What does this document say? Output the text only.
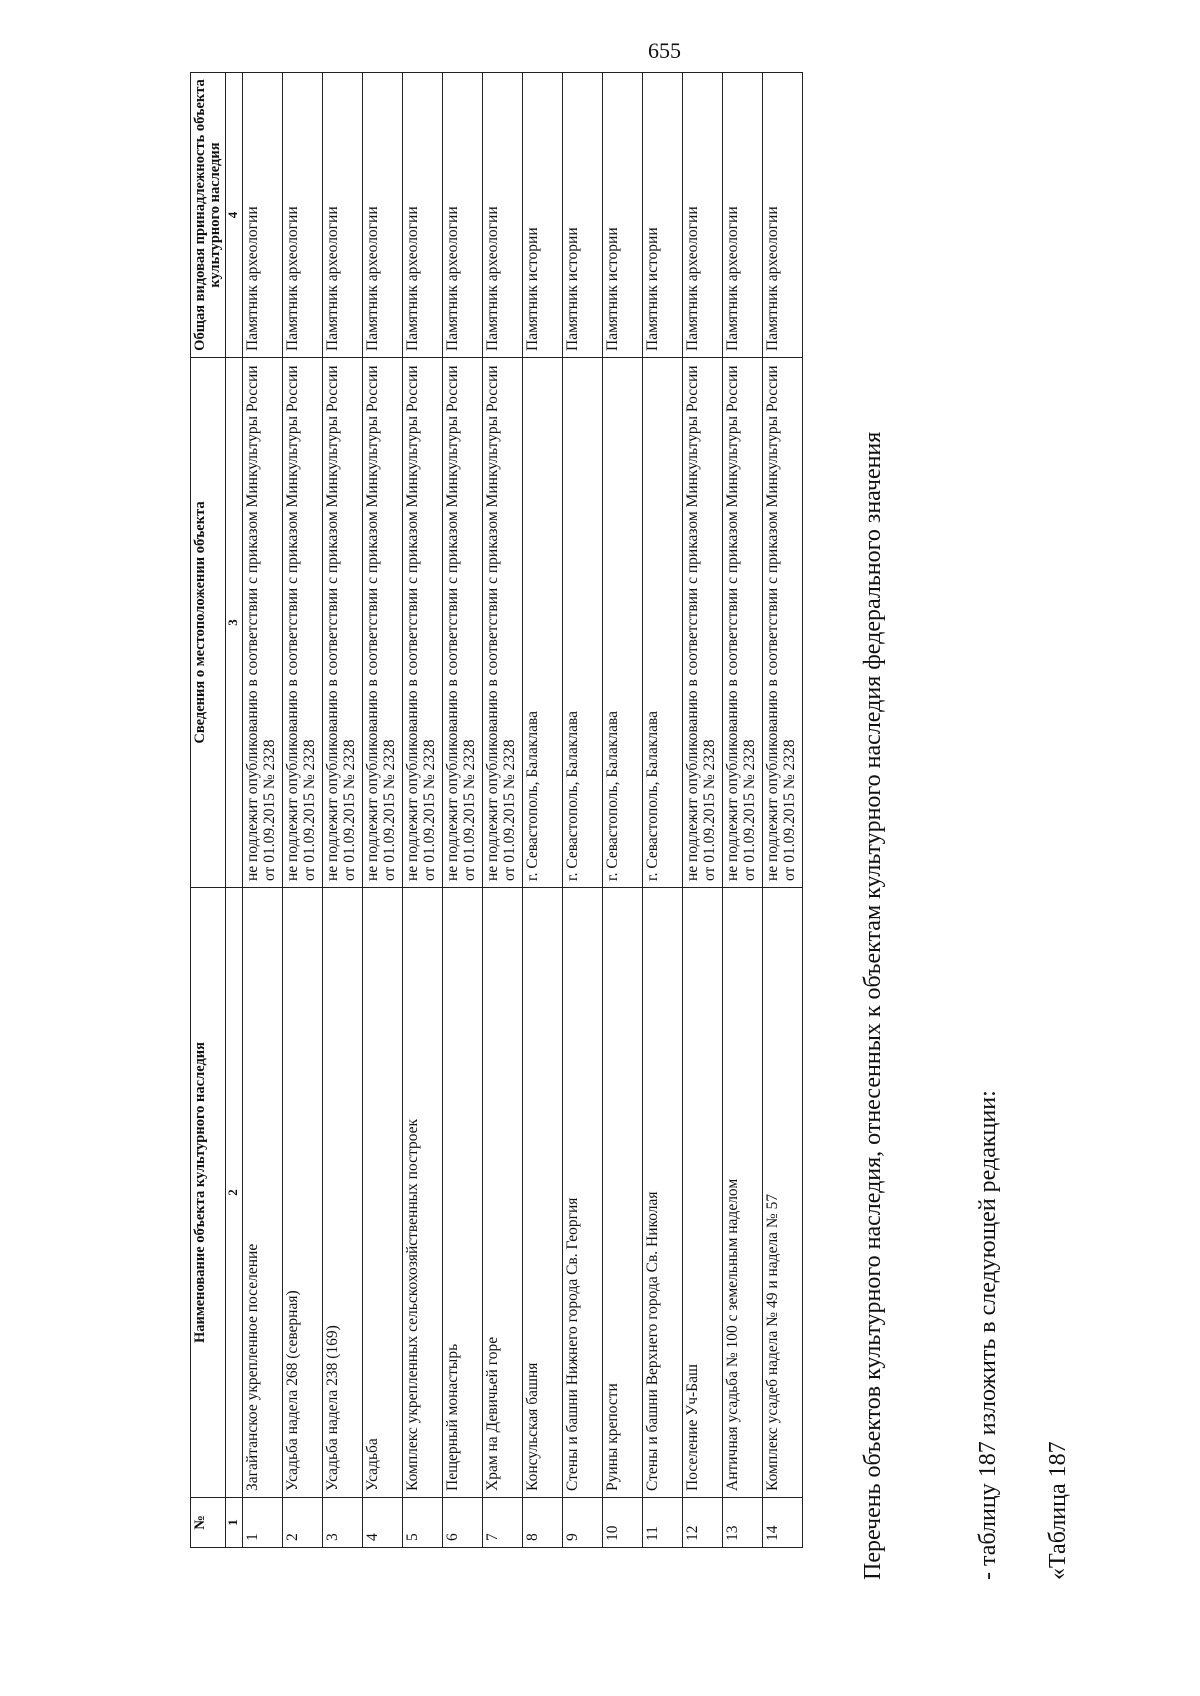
655
- таблицу 187 изложить в следующей редакции: «Таблица 187
Перечень объектов культурного наследия, отнесенных к объектам культурного наследия федерального значения
№	Наименование объекта культурного наследия	Сведения о местоположении объекта	Общая видовая принадлежность объекта культурного наследия
1	2	3	4
1	Загайтанское укрепленное поселение	не подлежит опубликованию в соответствии с приказом Минкультуры России от 01.09.2015 № 2328	Памятник археологии
2	Усадьба надела 268 (северная)	не подлежит опубликованию в соответствии с приказом Минкультуры России от 01.09.2015 № 2328	Памятник археологии
3	Усадьба надела 238 (169)	не подлежит опубликованию в соответствии с приказом Минкультуры России от 01.09.2015 № 2328	Памятник археологии
4	Усадьба	не подлежит опубликованию в соответствии с приказом Минкультуры России от 01.09.2015 № 2328	Памятник археологии
5	Комплекс укрепленных сельскохозяйственных построек	не подлежит опубликованию в соответствии с приказом Минкультуры России от 01.09.2015 № 2328	Памятник археологии
6	Пещерный монастырь	не подлежит опубликованию в соответствии с приказом Минкультуры России от 01.09.2015 № 2328	Памятник археологии
7	Храм на Девичьей горе	не подлежит опубликованию в соответствии с приказом Минкультуры России от 01.09.2015 № 2328	Памятник археологии
8	Консульская башня	г. Севастополь, Балаклава	Памятник истории
9	Стены и башни Нижнего города Св. Георгия	г. Севастополь, Балаклава	Памятник истории
10	Руины крепости	г. Севастополь, Балаклава	Памятник истории
11	Стены и башни Верхнего города Св. Николая	г. Севастополь, Балаклава	Памятник истории
12	Поселение Уч-Баш	не подлежит опубликованию в соответствии с приказом Минкультуры России от 01.09.2015 № 2328	Памятник археологии
13	Античная усадьба № 100 с земельным наделом	не подлежит опубликованию в соответствии с приказом Минкультуры России от 01.09.2015 № 2328	Памятник археологии
14	Комплекс усадеб надела № 49 и надела № 57	не подлежит опубликованию в соответствии с приказом Минкультуры России от 01.09.2015 № 2328	Памятник археологии
